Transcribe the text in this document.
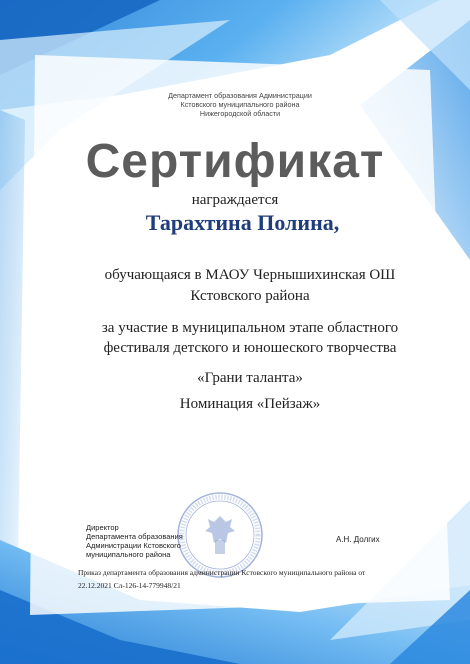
Департамент образования Администрации
Кстовского муниципального района
Нижегородской области
Сертификат
награждается
Тарахтина Полина,
обучающаяся в МАОУ Чернышихинская ОШ
Кстовского района
за участие в муниципальном этапе областного
фестиваля детского и юношеского творчества
«Грани таланта»
Номинация «Пейзаж»
Директор
Департамента образования
Администрации Кстовского
муниципального района
А.Н. Долгих
Приказ департамента образования администрации Кстовского муниципального района от
22.12.2021 Сл-126-14-779948/21
